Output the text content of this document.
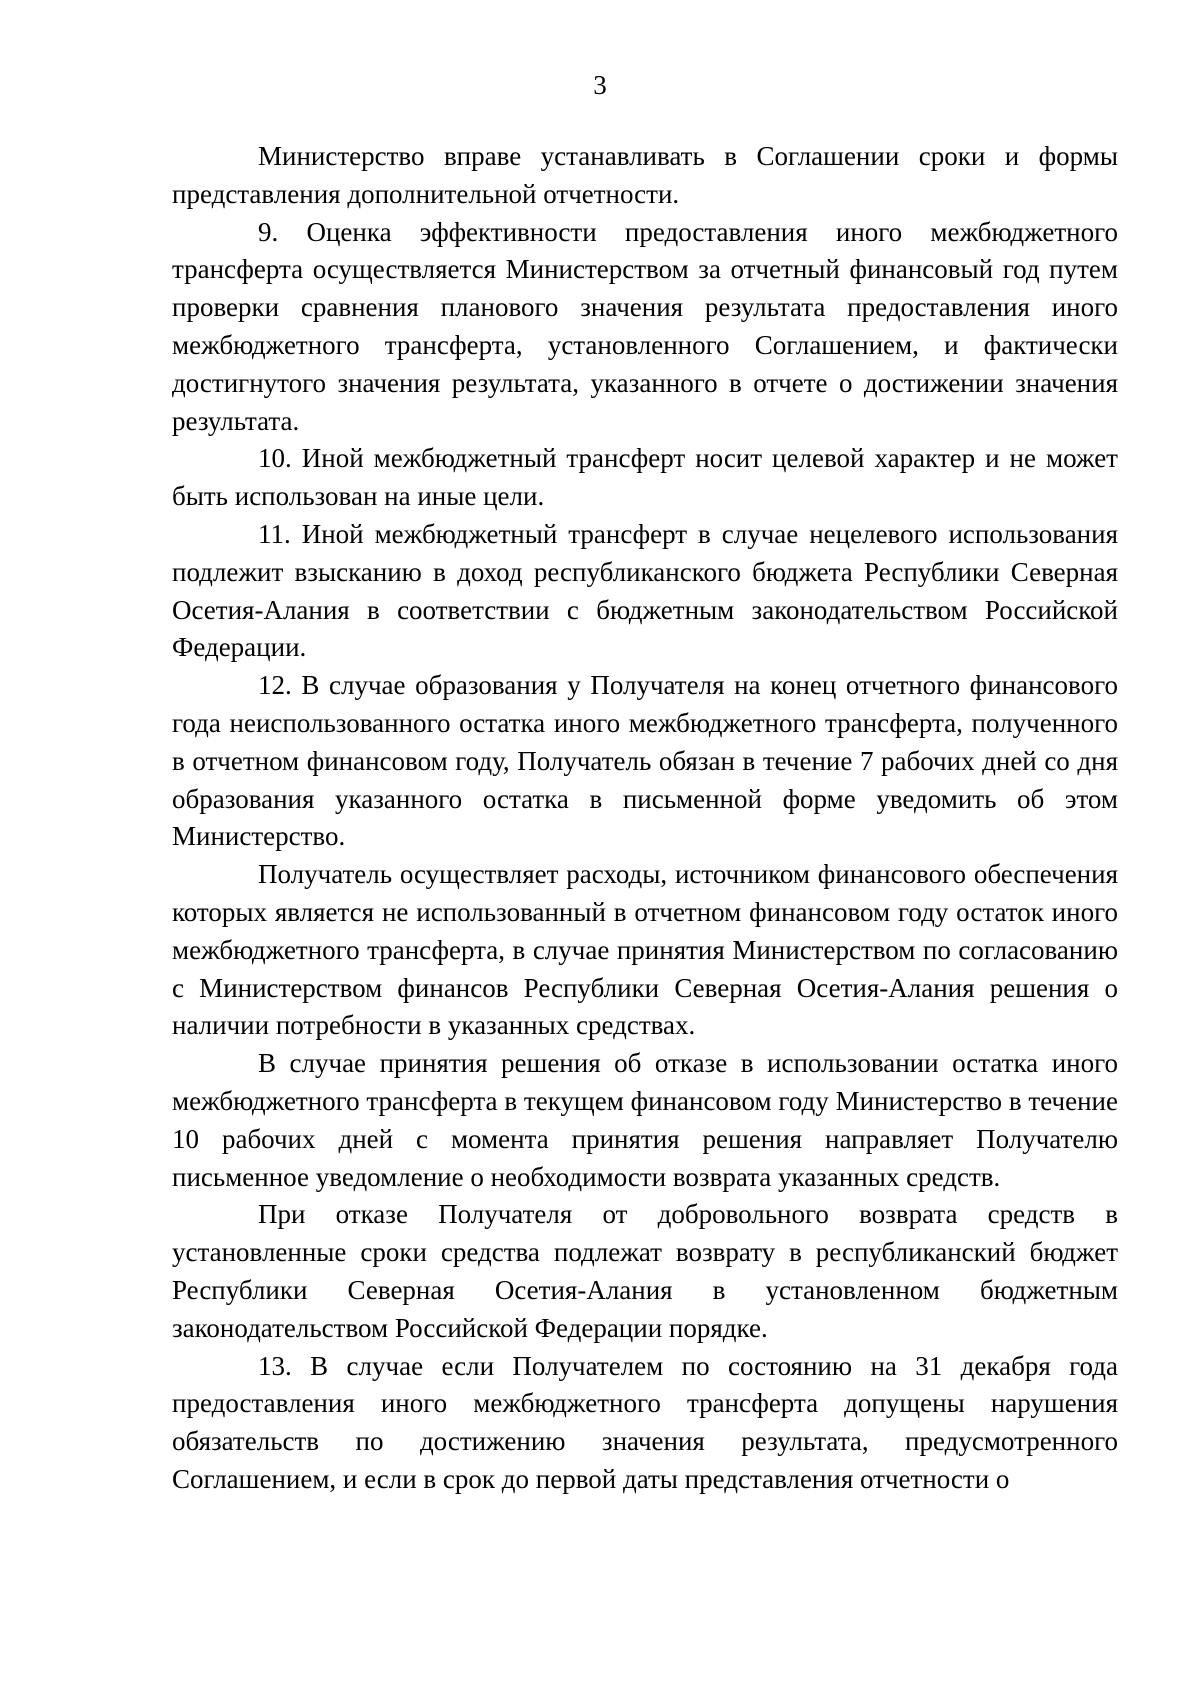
3

Министерство вправе устанавливать в Соглашении сроки и формы представления дополнительной отчетности.

9. Оценка эффективности предоставления иного межбюджетного трансферта осуществляется Министерством за отчетный финансовый год путем проверки сравнения планового значения результата предоставления иного межбюджетного трансферта, установленного Соглашением, и фактически достигнутого значения результата, указанного в отчете о достижении значения результата.

10. Иной межбюджетный трансферт носит целевой характер и не может быть использован на иные цели.

11. Иной межбюджетный трансферт в случае нецелевого использования подлежит взысканию в доход республиканского бюджета Республики Северная Осетия-Алания в соответствии с бюджетным законодательством Российской Федерации.

12. В случае образования у Получателя на конец отчетного финансового года неиспользованного остатка иного межбюджетного трансферта, полученного в отчетном финансовом году, Получатель обязан в течение 7 рабочих дней со дня образования указанного остатка в письменной форме уведомить об этом Министерство.

Получатель осуществляет расходы, источником финансового обеспечения которых является не использованный в отчетном финансовом году остаток иного межбюджетного трансферта, в случае принятия Министерством по согласованию с Министерством финансов Республики Северная Осетия-Алания решения о наличии потребности в указанных средствах.

В случае принятия решения об отказе в использовании остатка иного межбюджетного трансферта в текущем финансовом году Министерство в течение 10 рабочих дней с момента принятия решения направляет Получателю письменное уведомление о необходимости возврата указанных средств.

При отказе Получателя от добровольного возврата средств в установленные сроки средства подлежат возврату в республиканский бюджет Республики Северная Осетия-Алания в установленном бюджетным законодательством Российской Федерации порядке.

13. В случае если Получателем по состоянию на 31 декабря года предоставления иного межбюджетного трансферта допущены нарушения обязательств по достижению значения результата, предусмотренного Соглашением, и если в срок до первой даты представления отчетности о
